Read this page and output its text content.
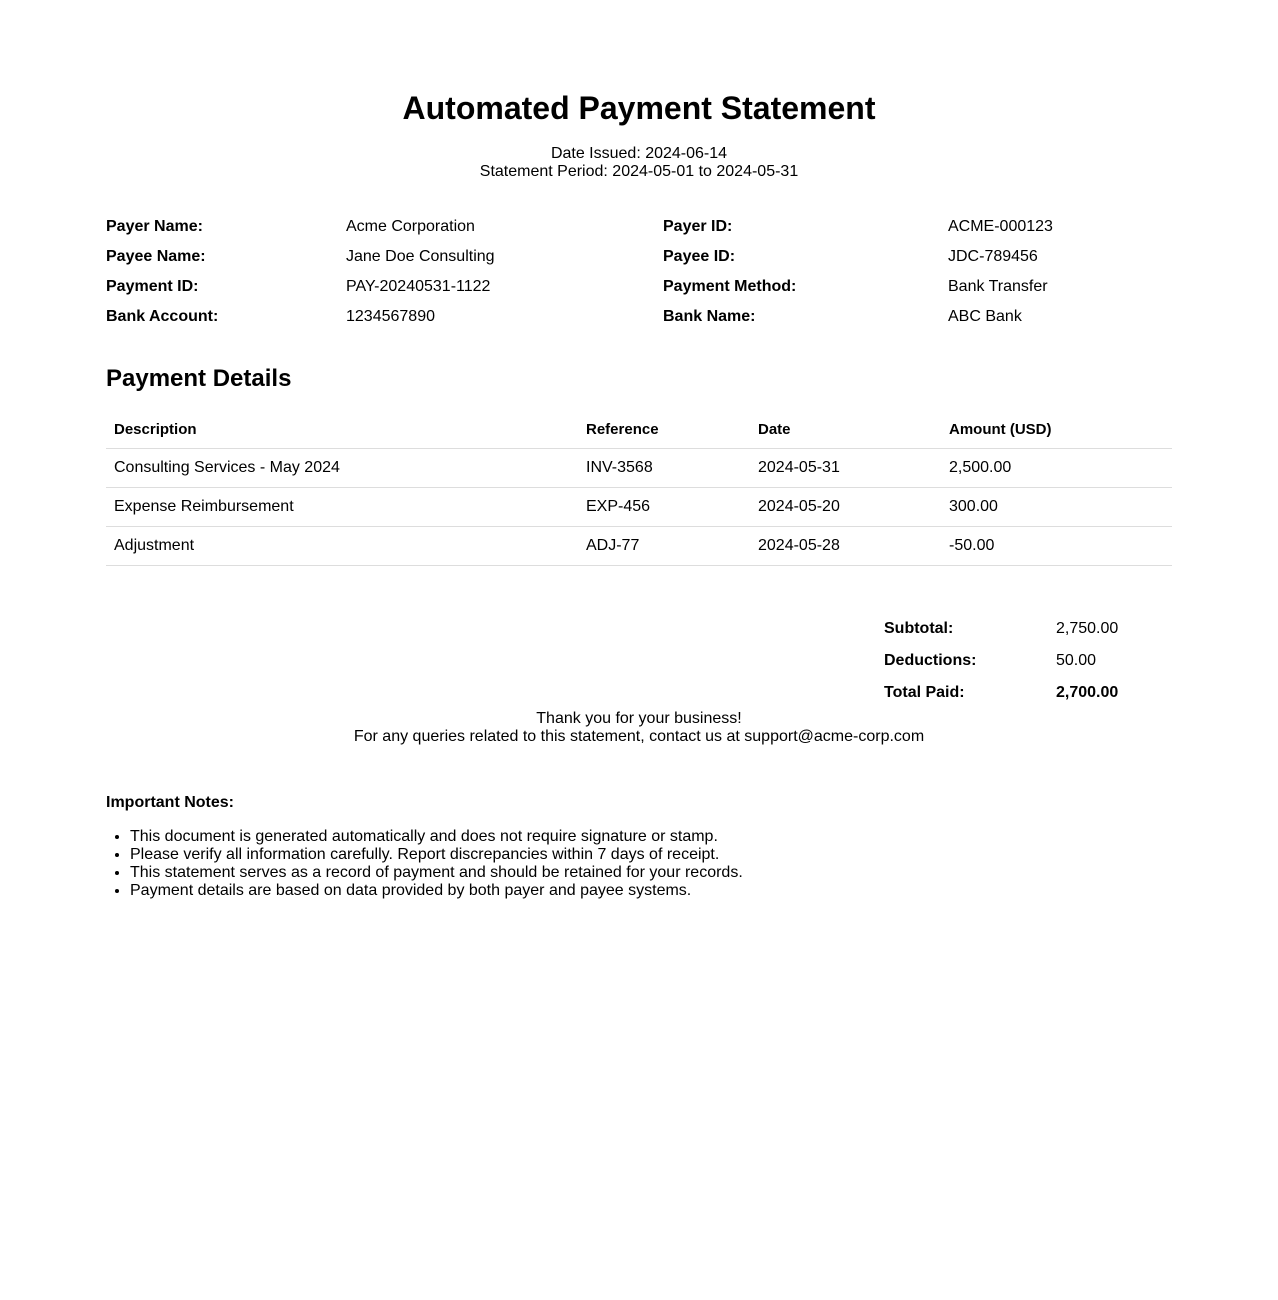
Automated Payment Statement
Date Issued: 2024-06-14
Statement Period: 2024-05-01 to 2024-05-31
Payer Name:	Acme Corporation	Payer ID:	ACME-000123
Payee Name:	Jane Doe Consulting	Payee ID:	JDC-789456
Payment ID:	PAY-20240531-1122	Payment Method:	Bank Transfer
Bank Account:	1234567890	Bank Name:	ABC Bank
Payment Details
Description	Reference	Date	Amount (USD)
Consulting Services - May 2024	INV-3568	2024-05-31	2,500.00
Expense Reimbursement	EXP-456	2024-05-20	300.00
Adjustment	ADJ-77	2024-05-28	-50.00
Subtotal:	2,750.00
Deductions:	50.00
Total Paid:	2,700.00
Thank you for your business!
For any queries related to this statement, contact us at support@acme-corp.com
Important Notes:
• This document is generated automatically and does not require signature or stamp.
• Please verify all information carefully. Report discrepancies within 7 days of receipt.
• This statement serves as a record of payment and should be retained for your records.
• Payment details are based on data provided by both payer and payee systems.
